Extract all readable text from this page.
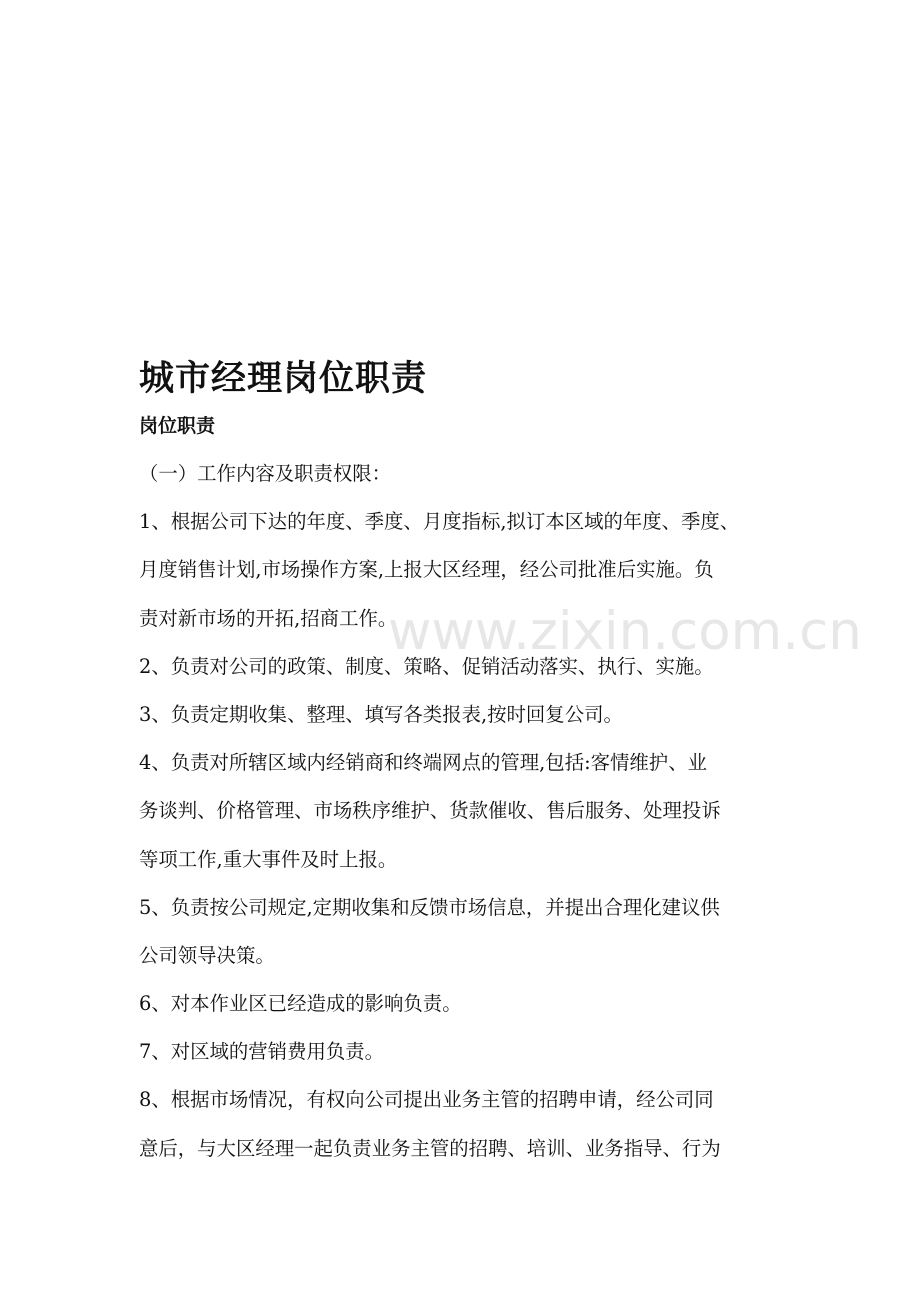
www.zixin.com.cn
城市经理岗位职责
岗位职责
（一）工作内容及职责权限：
1、根据公司下达的年度、季度、月度指标,拟订本区域的年度、季度、
月度销售计划,市场操作方案,上报大区经理，经公司批准后实施。负
责对新市场的开拓,招商工作。
2、负责对公司的政策、制度、策略、促销活动落实、执行、实施。
3、负责定期收集、整理、填写各类报表,按时回复公司。
4、负责对所辖区域内经销商和终端网点的管理,包括:客情维护、业
务谈判、价格管理、市场秩序维护、货款催收、售后服务、处理投诉
等项工作,重大事件及时上报。
5、负责按公司规定,定期收集和反馈市场信息，并提出合理化建议供
公司领导决策。
6、对本作业区已经造成的影响负责。
7、对区域的营销费用负责。
8、根据市场情况，有权向公司提出业务主管的招聘申请，经公司同
意后，与大区经理一起负责业务主管的招聘、培训、业务指导、行为
